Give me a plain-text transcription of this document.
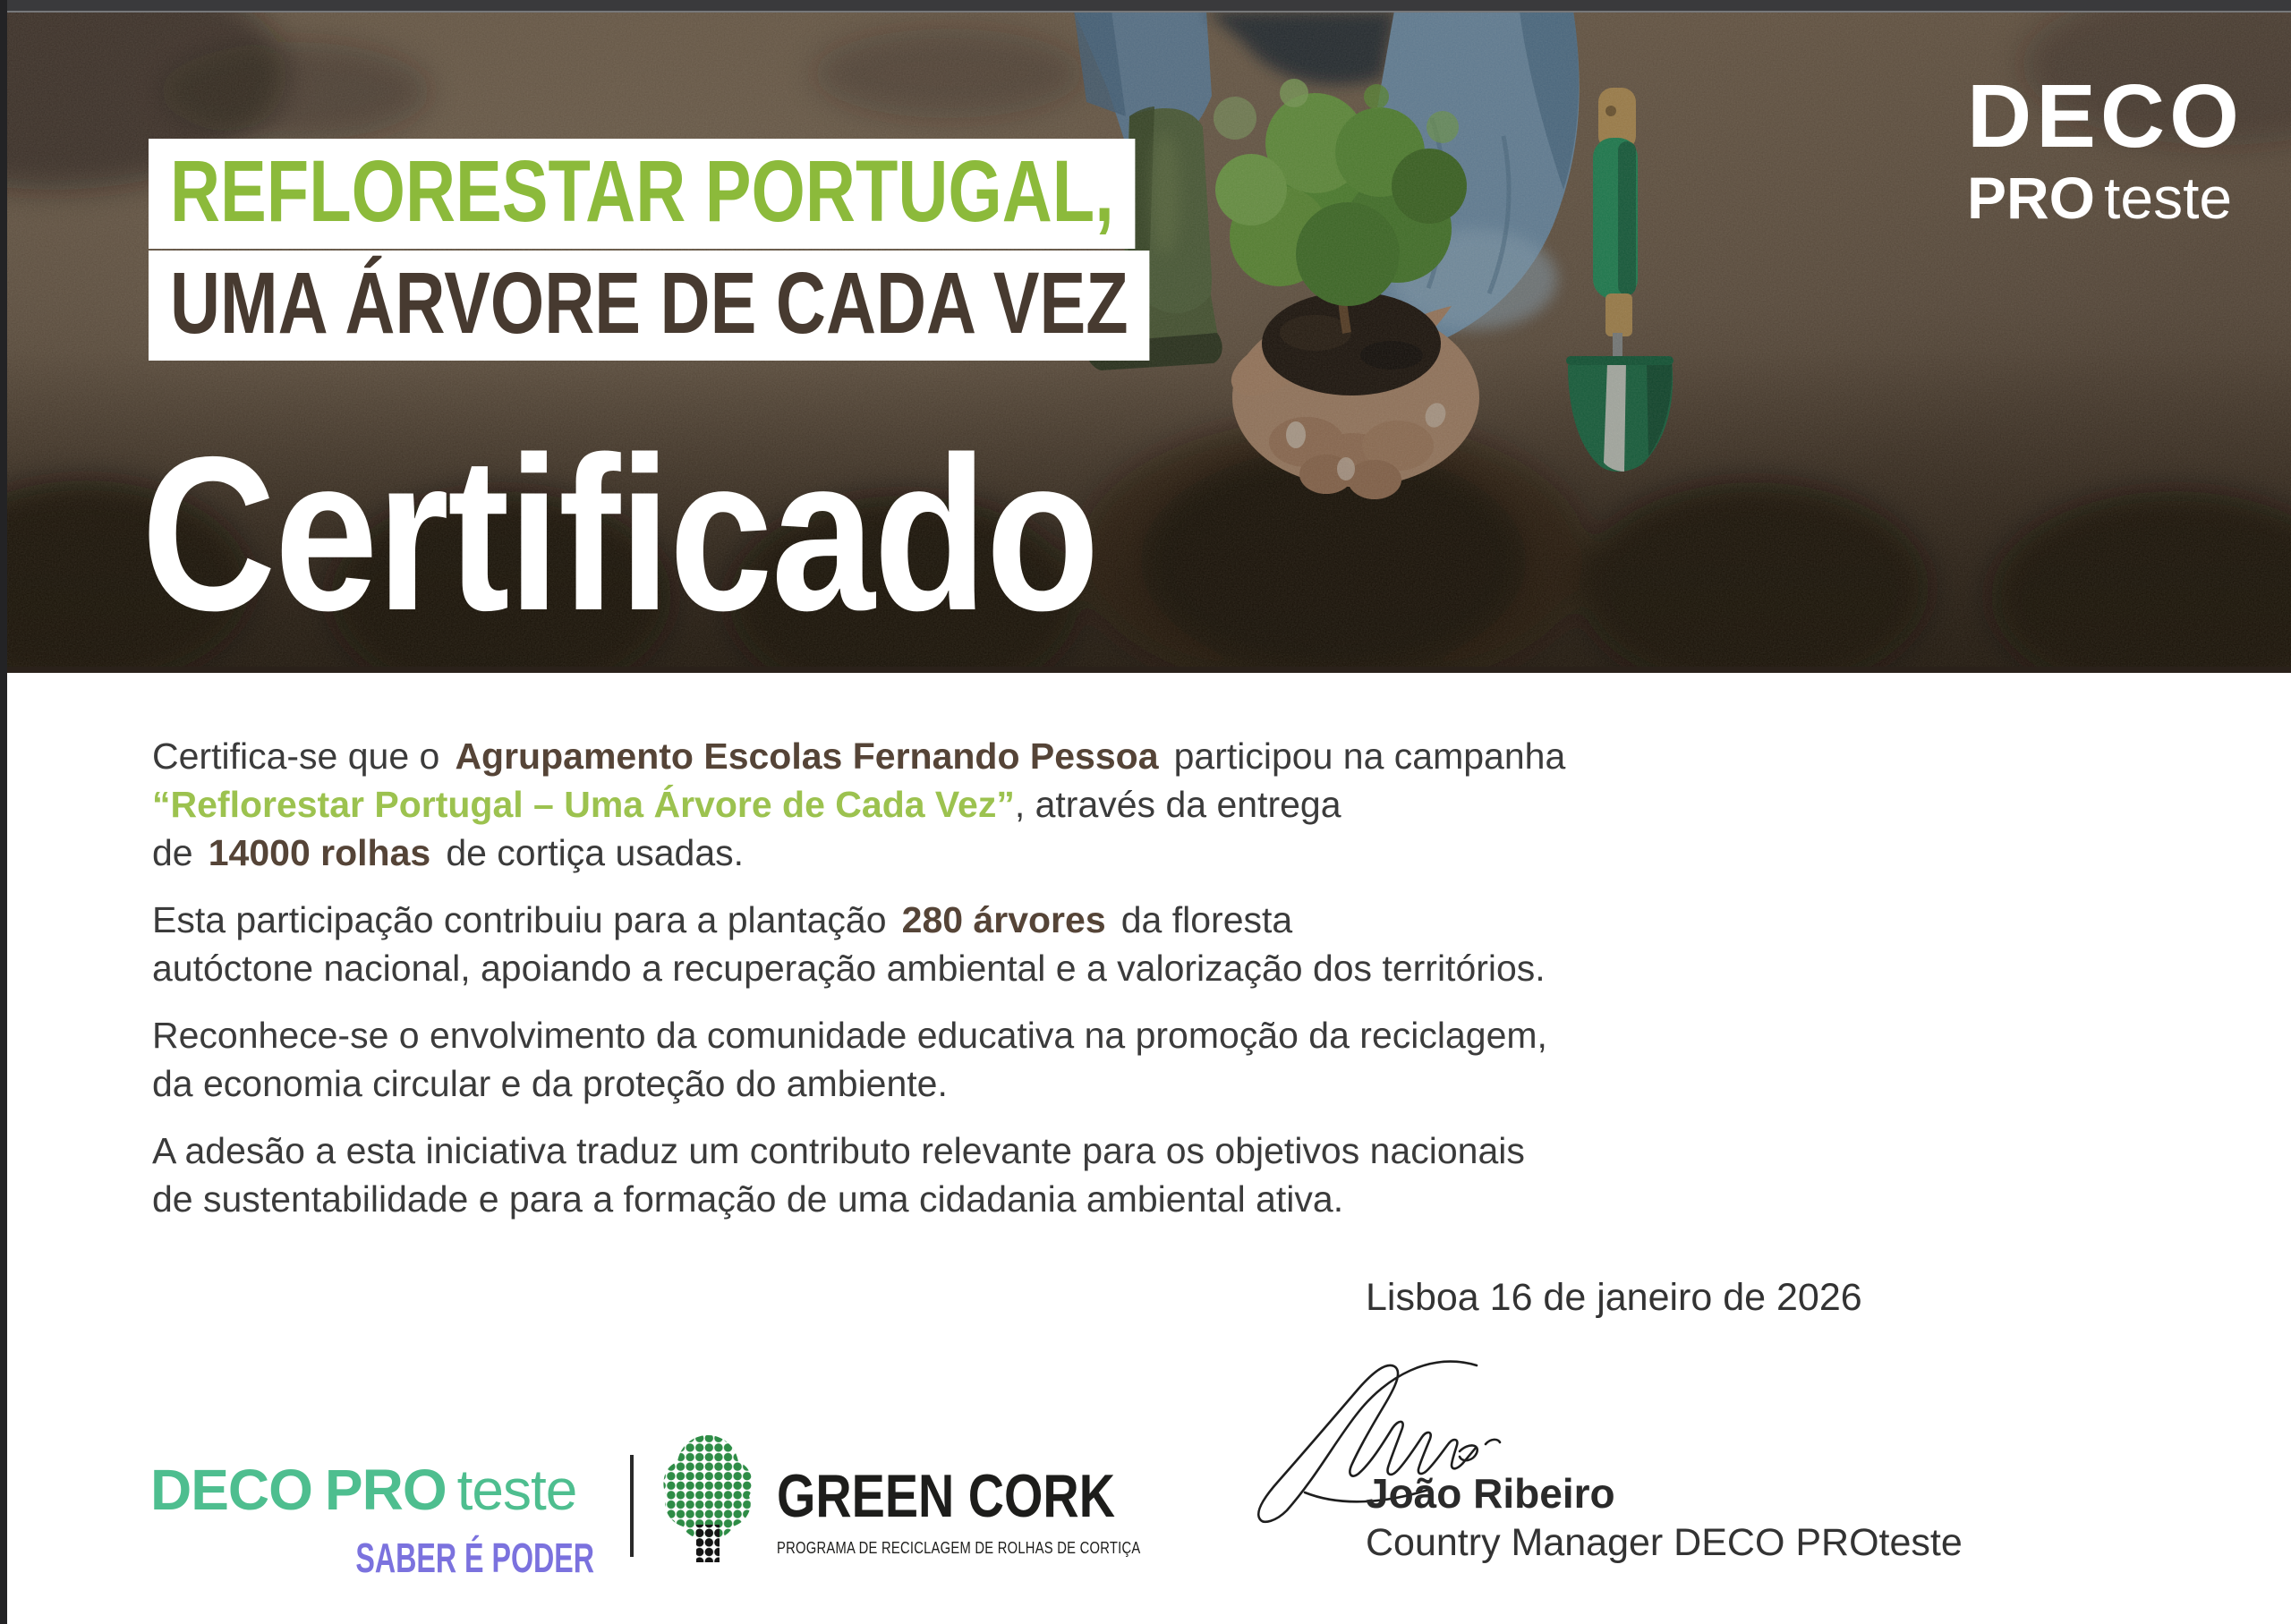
REFLORESTAR PORTUGAL,
UMA ÁRVORE DE CADA VEZ
Certificado
DECO
PRO teste

Certifica-se que o Agrupamento Escolas Fernando Pessoa participou na campanha
“Reflorestar Portugal – Uma Árvore de Cada Vez”, através da entrega
de 14000 rolhas de cortiça usadas.

Esta participação contribuiu para a plantação 280 árvores da floresta
autóctone nacional, apoiando a recuperação ambiental e a valorização dos territórios.

Reconhece-se o envolvimento da comunidade educativa na promoção da reciclagem,
da economia circular e da proteção do ambiente.

A adesão a esta iniciativa traduz um contributo relevante para os objetivos nacionais
de sustentabilidade e para a formação de uma cidadania ambiental ativa.

Lisboa 16 de janeiro de 2026
João Ribeiro
Country Manager DECO PROteste
DECO PRO teste
SABER É PODER
GREEN CORK
PROGRAMA DE RECICLAGEM DE ROLHAS DE CORTIÇA
